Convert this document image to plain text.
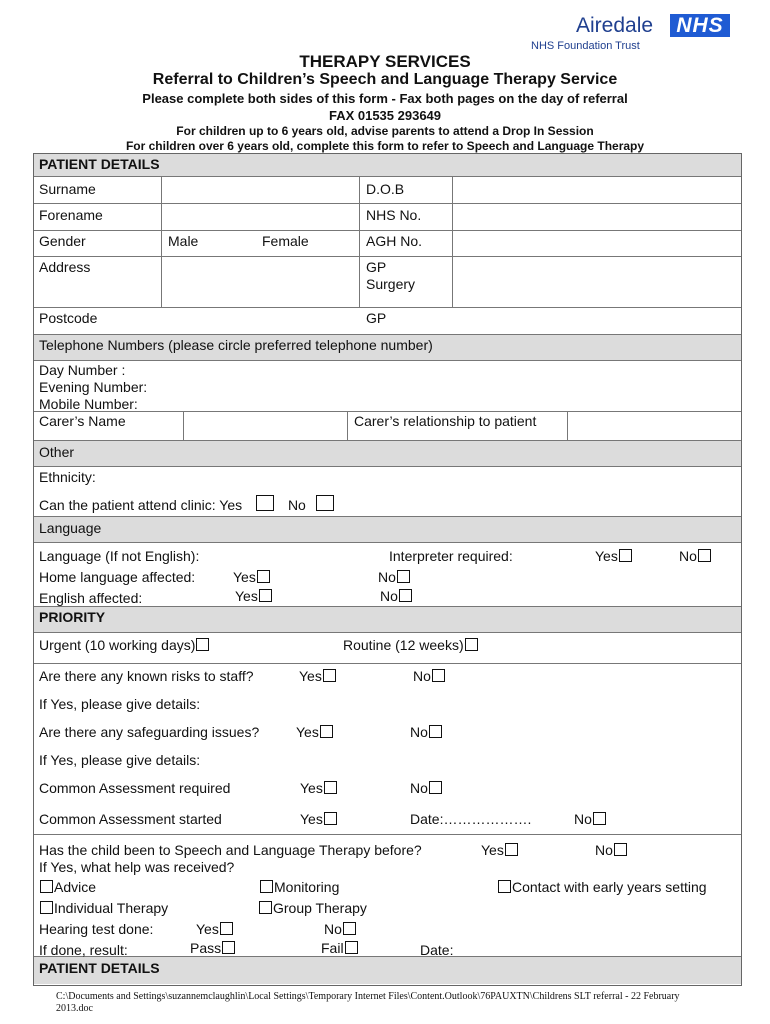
Airedale	NHS
NHS Foundation Trust
THERAPY SERVICES
Referral to Children’s Speech and Language Therapy Service
Please complete both sides of this form - Fax both pages on the day of referral
FAX 01535 293649
For children up to 6 years old, advise parents to attend a Drop In Session
For children over 6 years old, complete this form to refer to Speech and Language Therapy
PATIENT DETAILS
Surname	D.O.B
Forename	NHS No.
Gender	Male	Female	AGH No.
Address	GP
Surgery
Postcode	GP
Telephone Numbers (please circle preferred telephone number)
Day Number :
Evening Number:
Mobile Number:
Carer’s Name	Carer’s relationship to patient
Other
Ethnicity:
Can the patient attend clinic: Yes	No
Language
Language (If not English):	Interpreter required:	Yes	No
Home language affected:	Yes	No
English affected:	Yes	No
PRIORITY
Urgent (10 working days)	Routine (12 weeks)
Are there any known risks to staff?	Yes	No
If Yes, please give details:
Are there any safeguarding issues?	Yes	No
If Yes, please give details:
Common Assessment required	Yes	No
Common Assessment started	Yes	Date:……………….	No
Has the child been to Speech and Language Therapy before?	Yes	No
If Yes, what help was received?
Advice	Monitoring	Contact with early years setting
Individual Therapy	Group Therapy
Hearing test done:	Yes	No
If done, result:	Pass	Fail	Date:
PATIENT DETAILS
C:\Documents and Settings\suzannemclaughlin\Local Settings\Temporary Internet Files\Content.Outlook\76PAUXTN\Childrens SLT referral - 22 February 2013.doc
